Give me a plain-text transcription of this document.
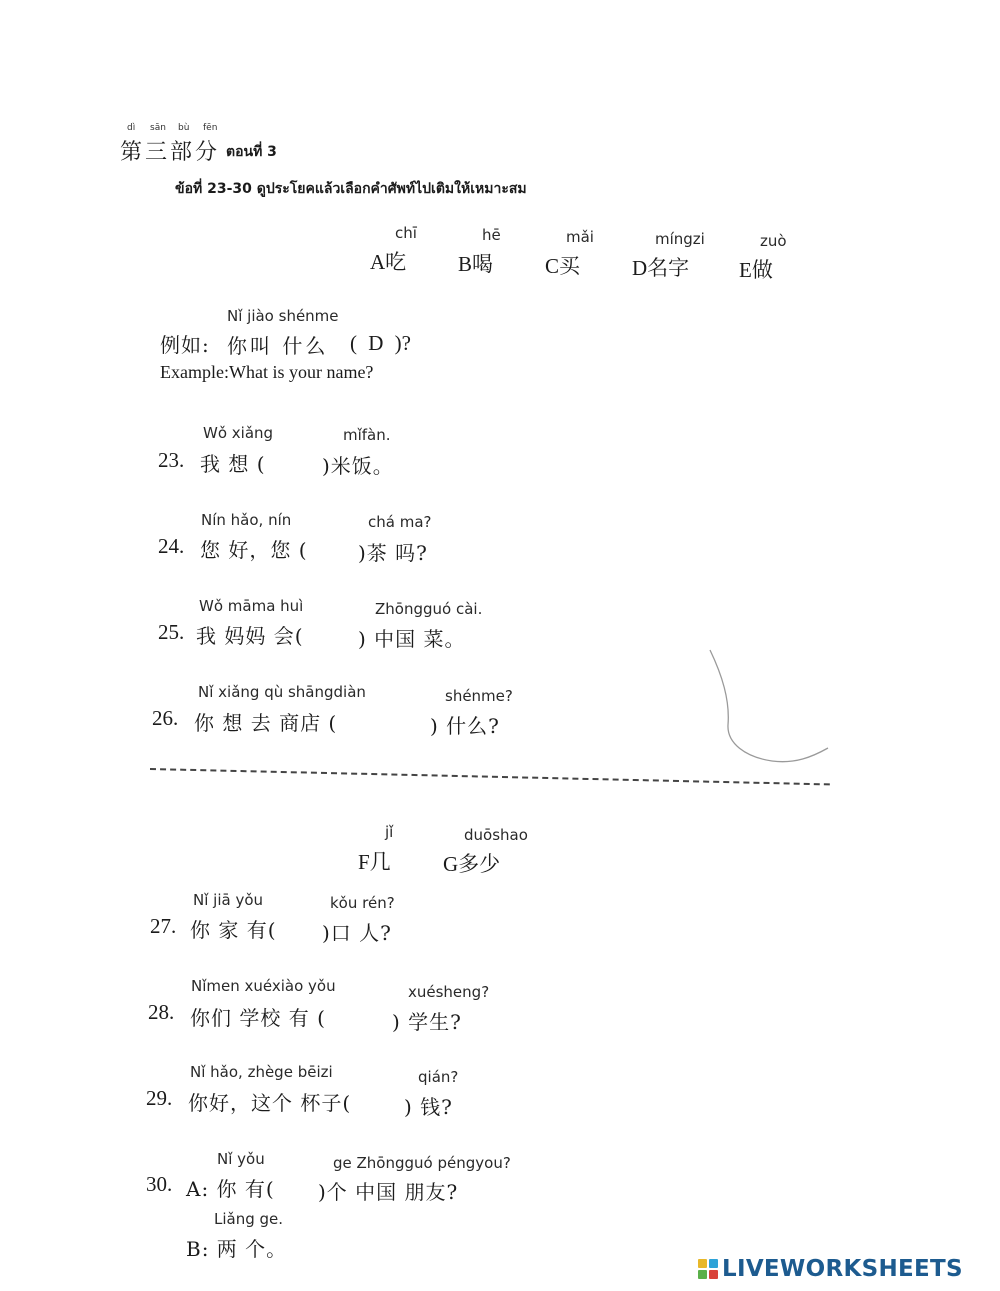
dì sān bù fēn
第三部分 ตอนที่ 3
ข้อที่ 23-30 ดูประโยคแล้วเลือกคำศัพท์ไปเติมให้เหมาะสม
chī
A吃
hē
B喝
mǎi
C买
míngzi
D名字
zuò
E做
Nǐ jiào shénme
例如: 你叫 什么 ( D )?
Example:What is your name?
Wǒ xiǎng	mǐfàn.
23. 我 想 (	)米饭。
Nín hǎo, nín	chá ma?
24. 您 好，您 (	)茶 吗?
Wǒ māma huì	Zhōngguó cài.
25. 我 妈妈 会(	) 中国 菜。
Nǐ xiǎng qù shāngdiàn	shénme?
26. 你 想 去 商店 (	) 什么?
jǐ
F几
duōshao
G多少
Nǐ jiā yǒu	kǒu rén?
27. 你 家 有( )口 人?
Nǐmen xuéxiào yǒu	xuésheng?
28. 你们 学校 有 (	) 学生?
Nǐ hǎo, zhège bēizi	qián?
29. 你好，这个 杯子(	) 钱?
Nǐ yǒu	ge Zhōngguó péngyou?
30. A: 你 有( )个 中国 朋友?
Liǎng ge.
B: 两 个。
LIVEWORKSHEETS
